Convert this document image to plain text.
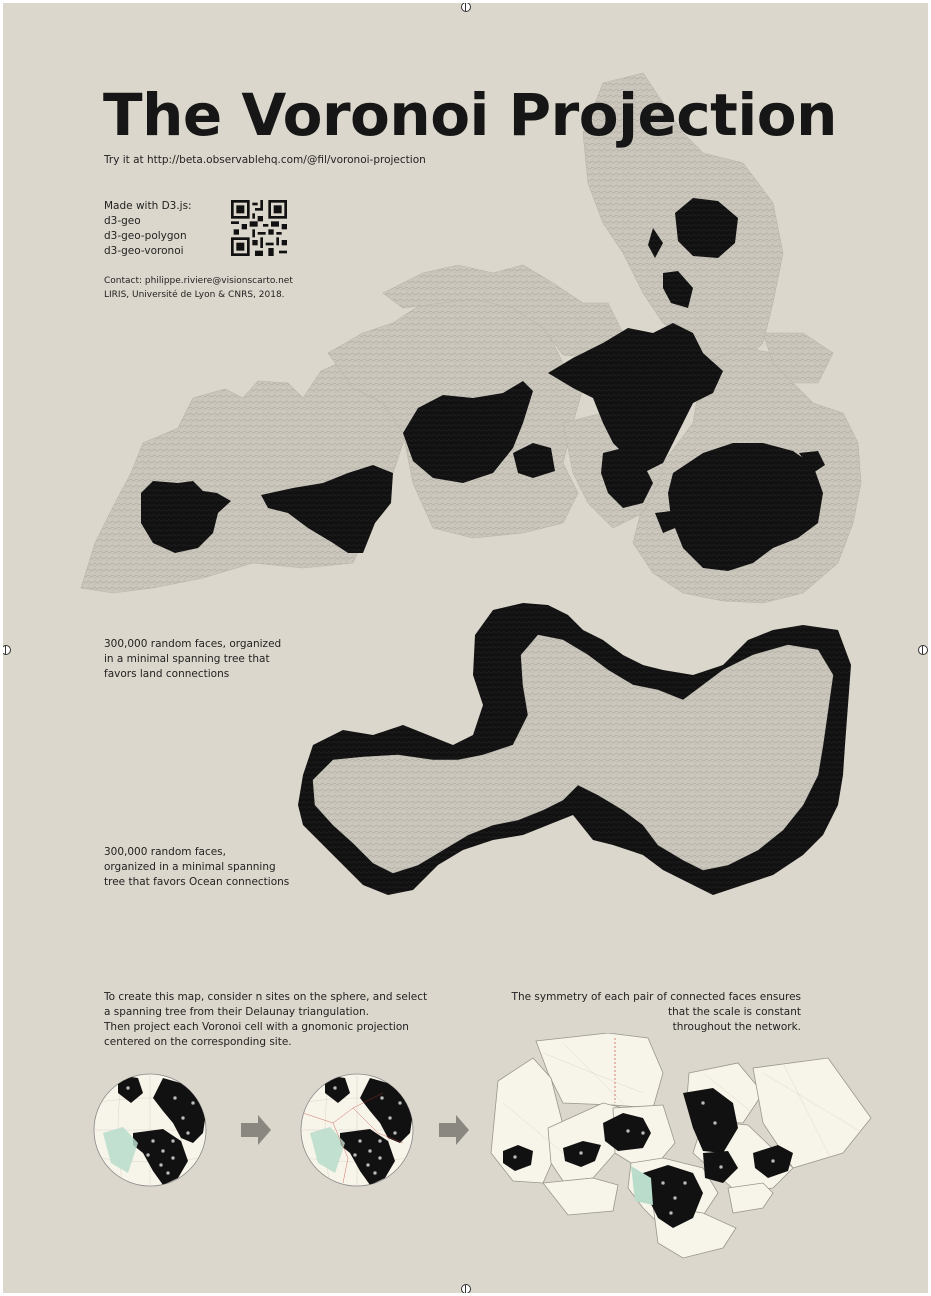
The Voronoi Projection

Try it at http://beta.observablehq.com/@fil/voronoi-projection

Made with D3.js:
d3-geo
d3-geo-polygon
d3-geo-voronoi
Contact: philippe.riviere@visionscarto.net
LIRIS, Université de Lyon & CNRS, 2018.
300,000 random faces, organized
in a minimal spanning tree that
favors land connections
300,000 random faces,
organized in a minimal spanning
tree that favors Ocean connections
To create this map, consider n sites on the sphere, and select
a spanning tree from their Delaunay triangulation.
Then project each Voronoi cell with a gnomonic projection
centered on the corresponding site.
The symmetry of each pair of connected faces ensures
that the scale is constant
throughout the network.
